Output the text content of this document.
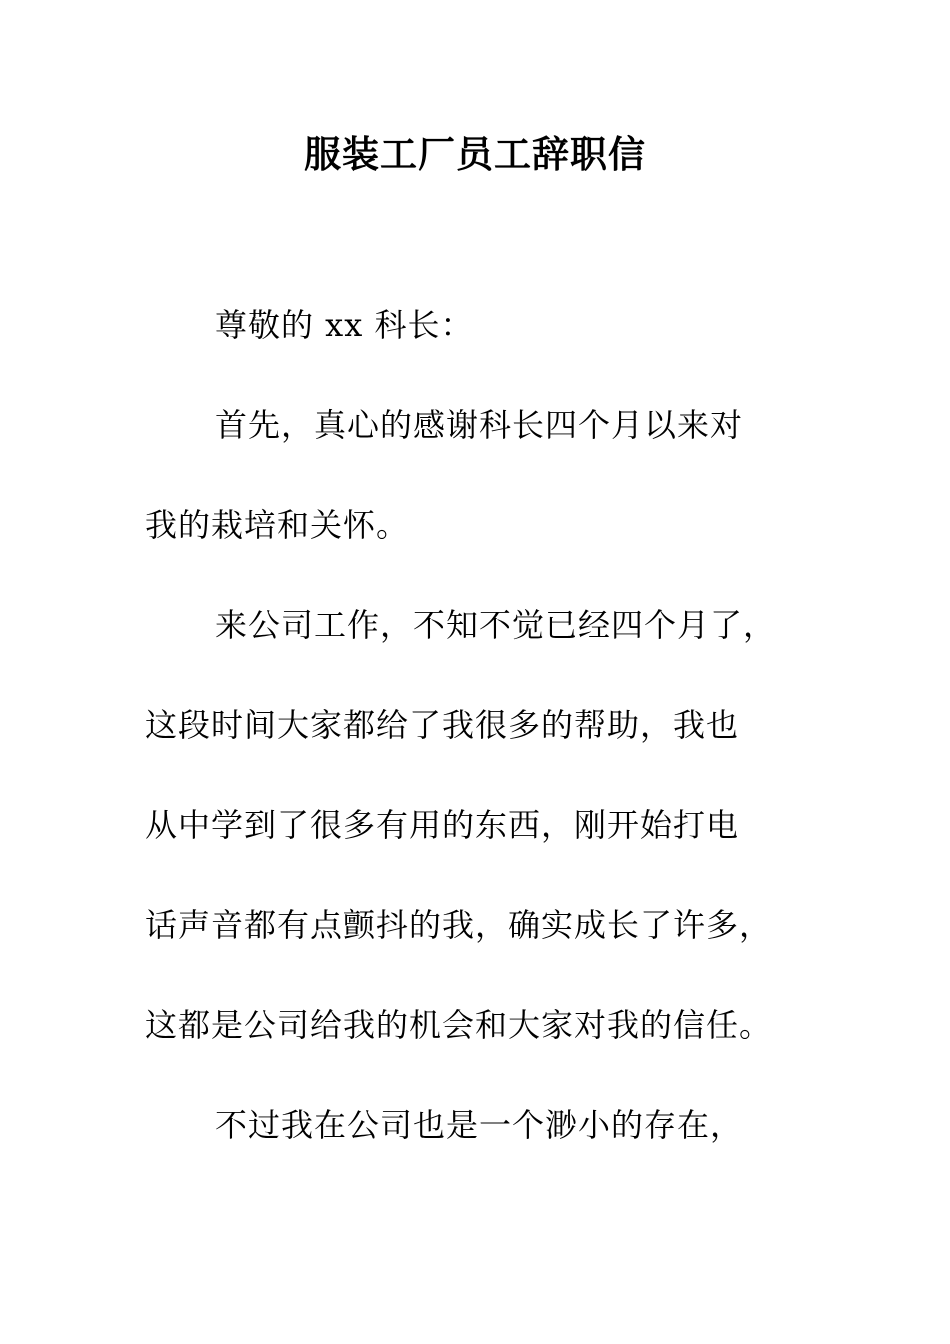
服装工厂员工辞职信
尊敬的 xx 科长：
首先，真心的感谢科长四个月以来对
我的栽培和关怀。
来公司工作，不知不觉已经四个月了，
这段时间大家都给了我很多的帮助，我也
从中学到了很多有用的东西，刚开始打电
话声音都有点颤抖的我，确实成长了许多，
这都是公司给我的机会和大家对我的信任。
不过我在公司也是一个渺小的存在，
